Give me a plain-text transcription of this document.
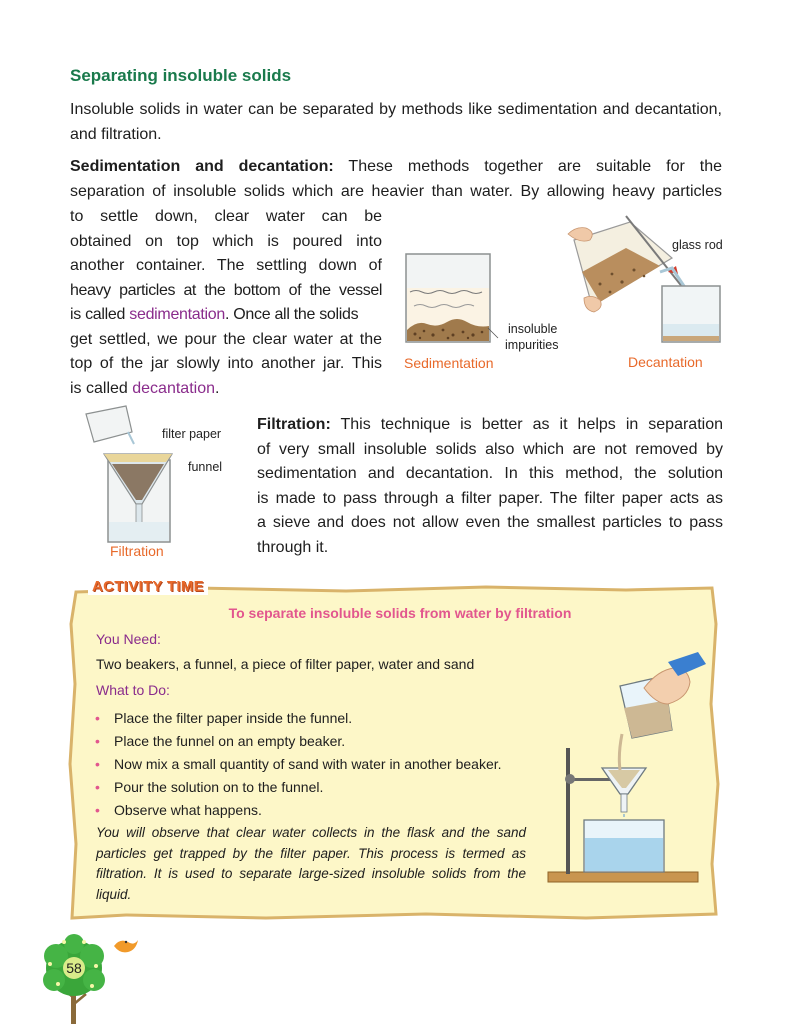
Separating insoluble solids
Insoluble solids in water can be separated by methods like sedimentation and decantation, and filtration.
Sedimentation and decantation: These methods together are suitable for the
separation of insoluble solids which are heavier than water. By allowing heavy particles
to settle down, clear water can be
obtained on top which is poured into
another container. The settling down of
heavy particles at the bottom of the vessel
is called sedimentation. Once all the solids
get settled, we pour the clear water at the
top of the jar slowly into another jar. This
is called decantation.
insoluble
impurities
Sedimentation
glass rod
Decantation
filter paper
funnel
Filtration
Filtration: This technique is better as it helps in separation
of very small insoluble solids also which are not removed by
sedimentation and decantation. In this method, the solution
is made to pass through a filter paper. The filter paper acts as
a sieve and does not allow even the smallest particles to pass
through it.
ACTIVITY TIME
To separate insoluble solids from water by filtration
You Need:
Two beakers, a funnel, a piece of filter paper, water and sand
What to Do:
• Place the filter paper inside the funnel.
• Place the funnel on an empty beaker.
• Now mix a small quantity of sand with water in another beaker.
• Pour the solution on to the funnel.
• Observe what happens.
You will observe that clear water collects in the flask and the sand particles get trapped by the filter paper. This process is termed as filtration. It is used to separate large-sized insoluble solids from the liquid.
58
